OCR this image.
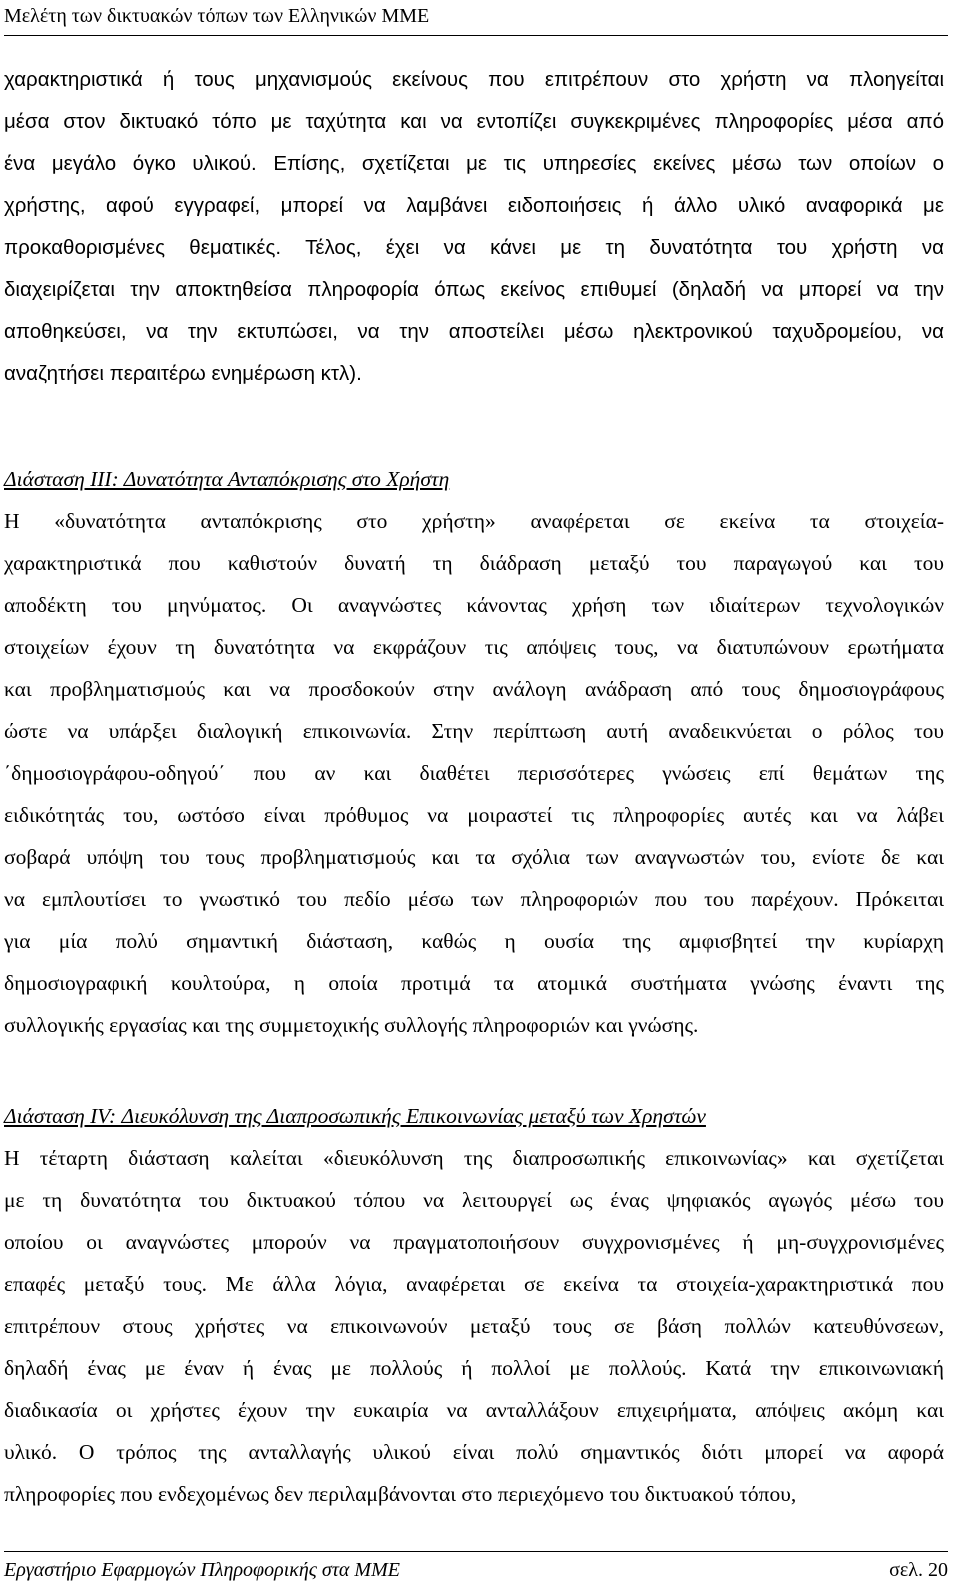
Μελέτη των δικτυακών τόπων των Ελληνικών ΜΜΕ
χαρακτηριστικά ή τους μηχανισμούς εκείνους που επιτρέπουν στο χρήστη να πλοηγείται
μέσα στον δικτυακό τόπο με ταχύτητα και να εντοπίζει συγκεκριμένες πληροφορίες μέσα από
ένα μεγάλο όγκο υλικού. Επίσης, σχετίζεται με τις υπηρεσίες εκείνες μέσω των οποίων ο
χρήστης, αφού εγγραφεί, μπορεί να λαμβάνει ειδοποιήσεις ή άλλο υλικό αναφορικά με
προκαθορισμένες θεματικές. Τέλος, έχει να κάνει με τη δυνατότητα του χρήστη να
διαχειρίζεται την αποκτηθείσα πληροφορία όπως εκείνος επιθυμεί (δηλαδή να μπορεί να την
αποθηκεύσει, να την εκτυπώσει, να την αποστείλει μέσω ηλεκτρονικού ταχυδρομείου, να
αναζητήσει περαιτέρω ενημέρωση κτλ).
Διάσταση ΙΙΙ: Δυνατότητα Ανταπόκρισης στο Χρήστη
Η «δυνατότητα ανταπόκρισης στο χρήστη» αναφέρεται σε εκείνα τα στοιχεία-
χαρακτηριστικά που καθιστούν δυνατή τη διάδραση μεταξύ του παραγωγού και του
αποδέκτη του μηνύματος. Οι αναγνώστες κάνοντας χρήση των ιδιαίτερων τεχνολογικών
στοιχείων έχουν τη δυνατότητα να εκφράζουν τις απόψεις τους, να διατυπώνουν ερωτήματα
και προβληματισμούς και να προσδοκούν στην ανάλογη ανάδραση από τους δημοσιογράφους
ώστε να υπάρξει διαλογική επικοινωνία. Στην περίπτωση αυτή αναδεικνύεται ο ρόλος του
΄δημοσιογράφου-οδηγού΄ που αν και διαθέτει περισσότερες γνώσεις επί θεμάτων της
ειδικότητάς του, ωστόσο είναι πρόθυμος να μοιραστεί τις πληροφορίες αυτές και να λάβει
σοβαρά υπόψη του τους προβληματισμούς και τα σχόλια των αναγνωστών του, ενίοτε δε και
να εμπλουτίσει το γνωστικό του πεδίο μέσω των πληροφοριών που του παρέχουν. Πρόκειται
για μία πολύ σημαντική διάσταση, καθώς η ουσία της αμφισβητεί την κυρίαρχη
δημοσιογραφική κουλτούρα, η οποία προτιμά τα ατομικά συστήματα γνώσης έναντι της
συλλογικής εργασίας και της συμμετοχικής συλλογής πληροφοριών και γνώσης.
Διάσταση ΙV: Διευκόλυνση της Διαπροσωπικής Επικοινωνίας μεταξύ των Χρηστών
Η τέταρτη διάσταση καλείται «διευκόλυνση της διαπροσωπικής επικοινωνίας» και σχετίζεται
με τη δυνατότητα του δικτυακού τόπου να λειτουργεί ως ένας ψηφιακός αγωγός μέσω του
οποίου οι αναγνώστες μπορούν να πραγματοποιήσουν συγχρονισμένες ή μη-συγχρονισμένες
επαφές μεταξύ τους. Με άλλα λόγια, αναφέρεται σε εκείνα τα στοιχεία-χαρακτηριστικά που
επιτρέπουν στους χρήστες να επικοινωνούν μεταξύ τους σε βάση πολλών κατευθύνσεων,
δηλαδή ένας με έναν ή ένας με πολλούς ή πολλοί με πολλούς. Κατά την επικοινωνιακή
διαδικασία οι χρήστες έχουν την ευκαιρία να ανταλλάξουν επιχειρήματα, απόψεις ακόμη και
υλικό. Ο τρόπος της ανταλλαγής υλικού είναι πολύ σημαντικός διότι μπορεί να αφορά
πληροφορίες που ενδεχομένως δεν περιλαμβάνονται στο περιεχόμενο του δικτυακού τόπου,
Εργαστήριο Εφαρμογών Πληροφορικής στα ΜΜΕ	σελ. 20
